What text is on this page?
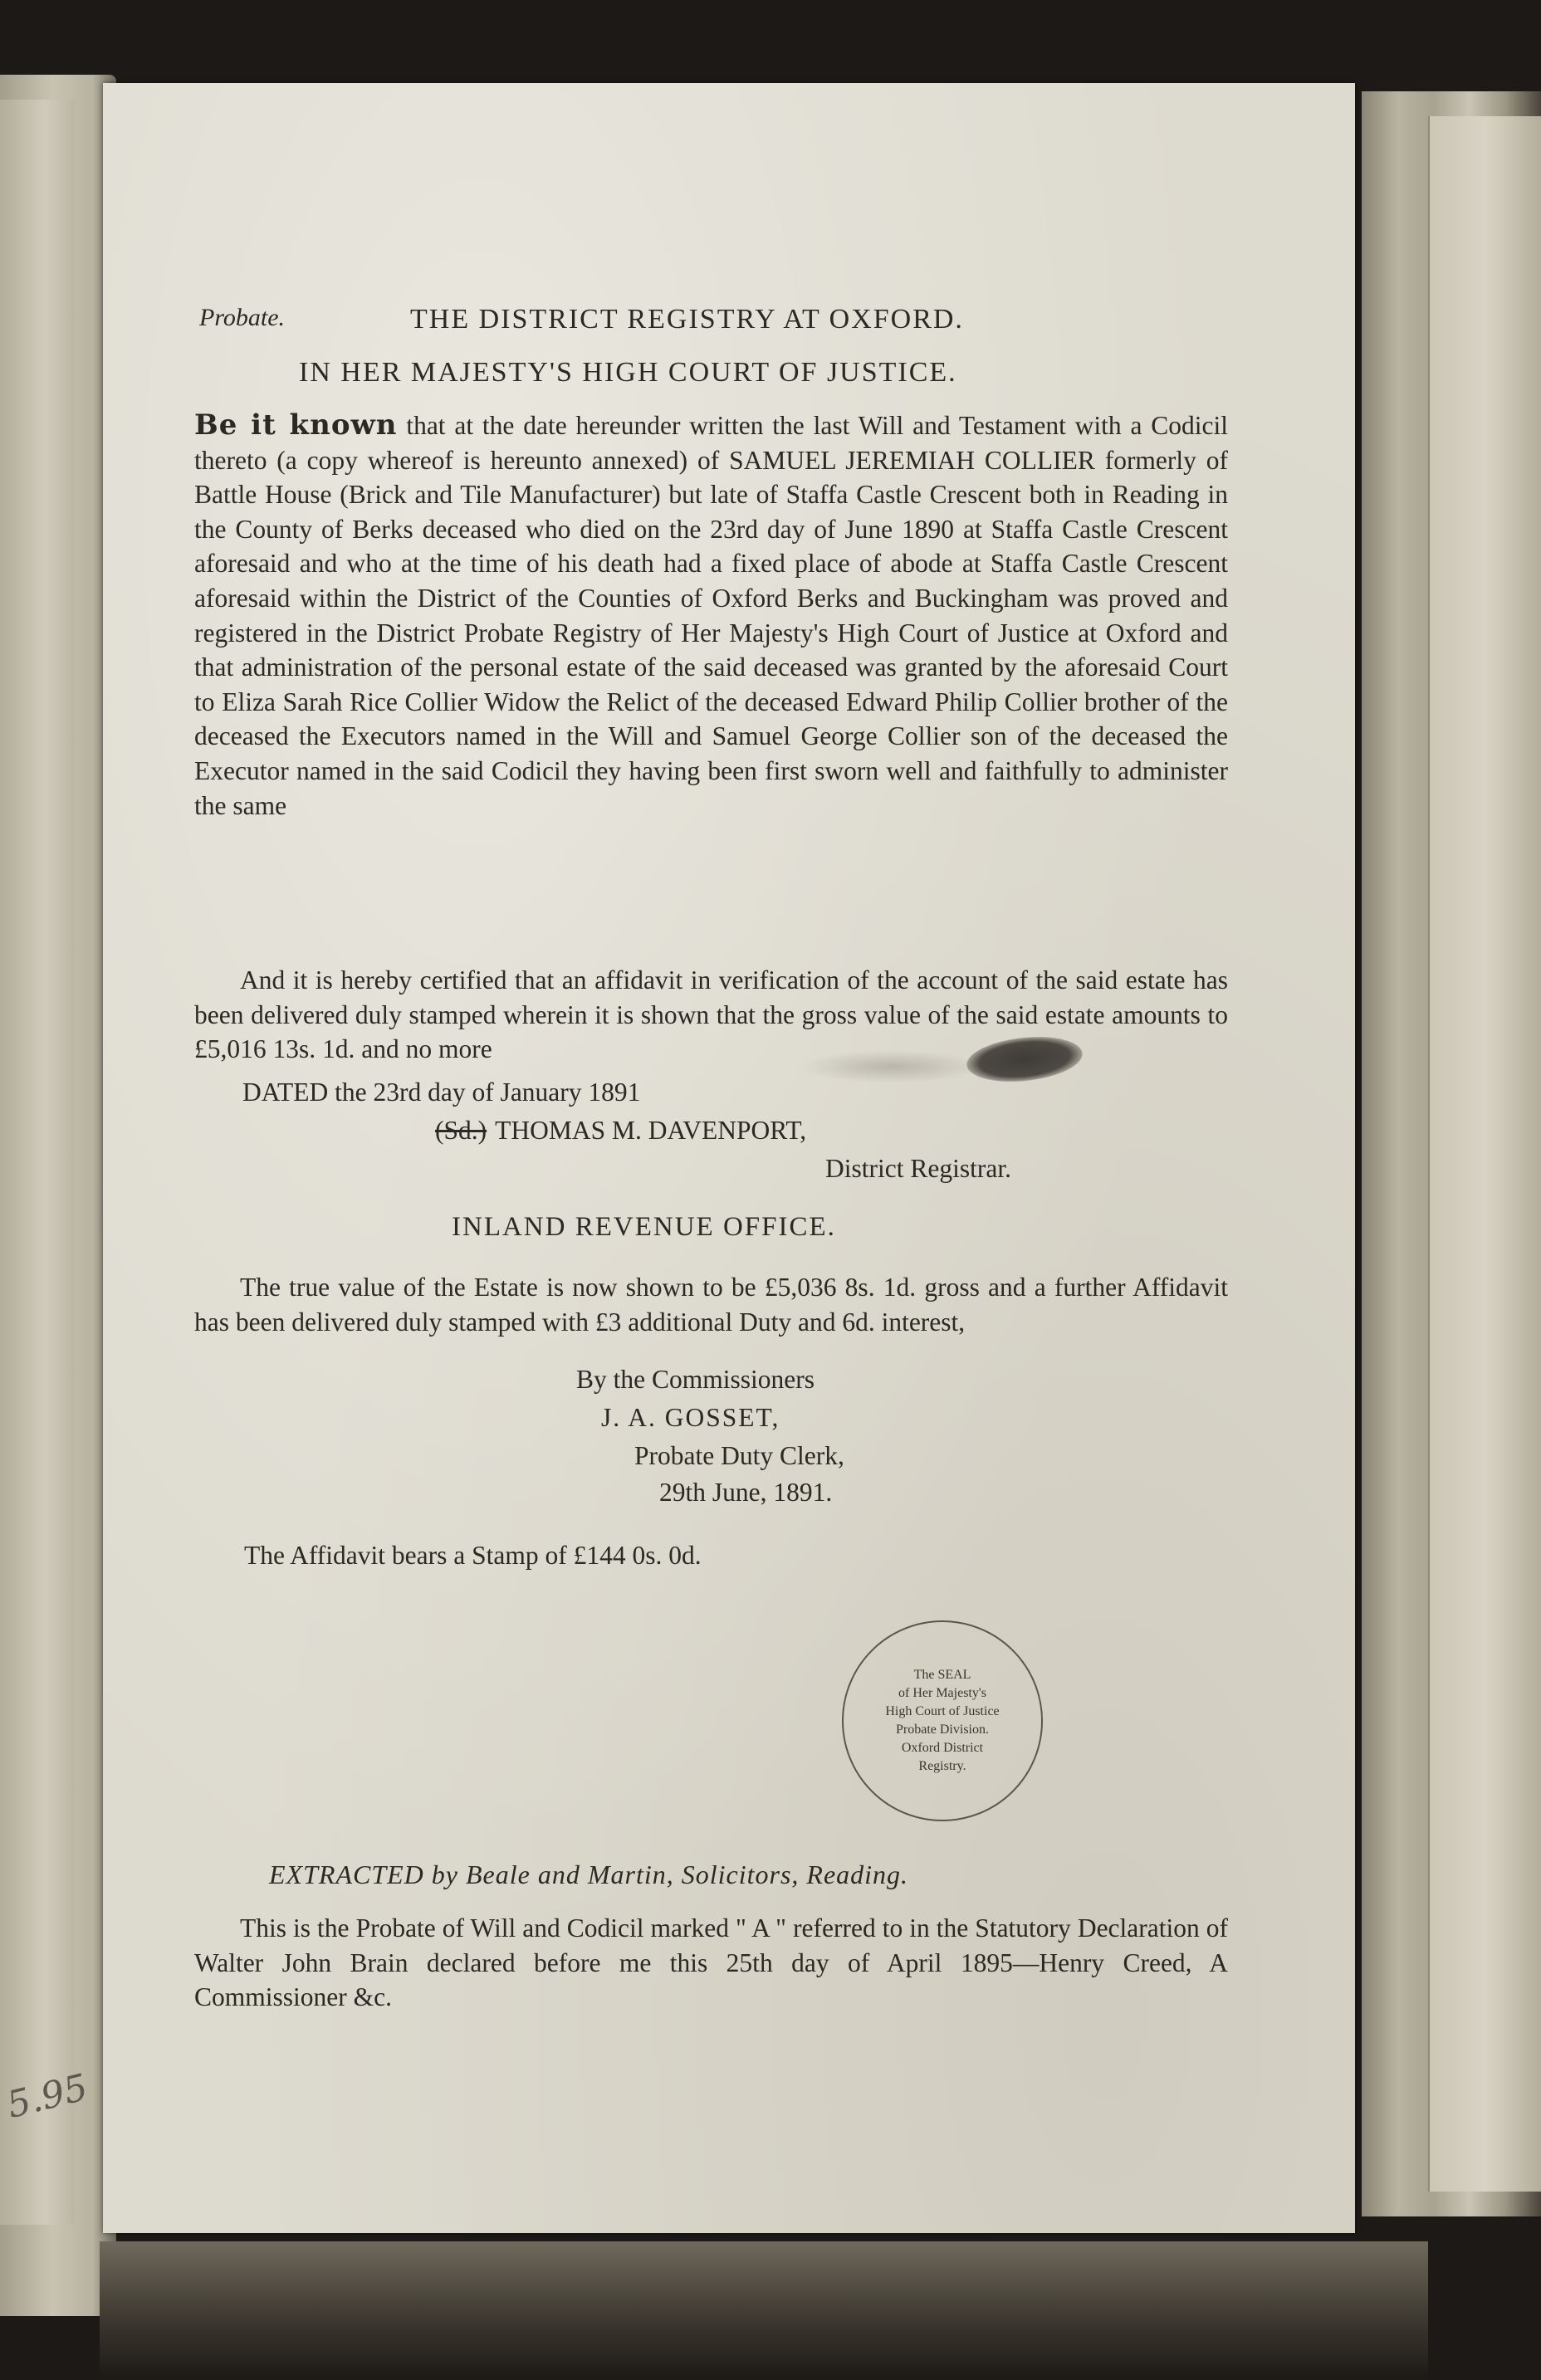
Probate.	THE DISTRICT REGISTRY AT OXFORD.
IN HER MAJESTY'S HIGH COURT OF JUSTICE.
Be it known that at the date hereunder written the last Will and Testament with a Codicil thereto (a copy whereof is hereunto annexed) of SAMUEL JEREMIAH COLLIER formerly of Battle House (Brick and Tile Manufacturer) but late of Staffa Castle Crescent both in Reading in the County of Berks deceased who died on the 23rd day of June 1890 at Staffa Castle Crescent aforesaid and who at the time of his death had a fixed place of abode at Staffa Castle Crescent aforesaid within the District of the Counties of Oxford Berks and Buckingham was proved and registered in the District Probate Registry of Her Majesty's High Court of Justice at Oxford and that administration of the personal estate of the said deceased was granted by the aforesaid Court to Eliza Sarah Rice Collier Widow the Relict of the deceased Edward Philip Collier brother of the deceased the Executors named in the Will and Samuel George Collier son of the deceased the Executor named in the said Codicil they having been first sworn well and faithfully to administer the same
And it is hereby certified that an affidavit in verification of the account of the said estate has been delivered duly stamped wherein it is shown that the gross value of the said estate amounts to £5,016 13s. 1d. and no more
DATED the 23rd day of January 1891
(Sd.) THOMAS M. DAVENPORT,
District Registrar.
INLAND REVENUE OFFICE.
The true value of the Estate is now shown to be £5,036 8s. 1d. gross and a further Affidavit has been delivered duly stamped with £3 additional Duty and 6d. interest,
By the Commissioners
J. A. GOSSET,
Probate Duty Clerk,
29th June, 1891.
The Affidavit bears a Stamp of £144 0s. 0d.
The SEAL
of Her Majesty's
High Court of Justice
Probate Division.
Oxford District
Registry.
EXTRACTED by Beale and Martin, Solicitors, Reading.
This is the Probate of Will and Codicil marked " A " referred to in the Statutory Declaration of Walter John Brain declared before me this 25th day of April 1895—Henry Creed, A Commissioner &c.
5.95
